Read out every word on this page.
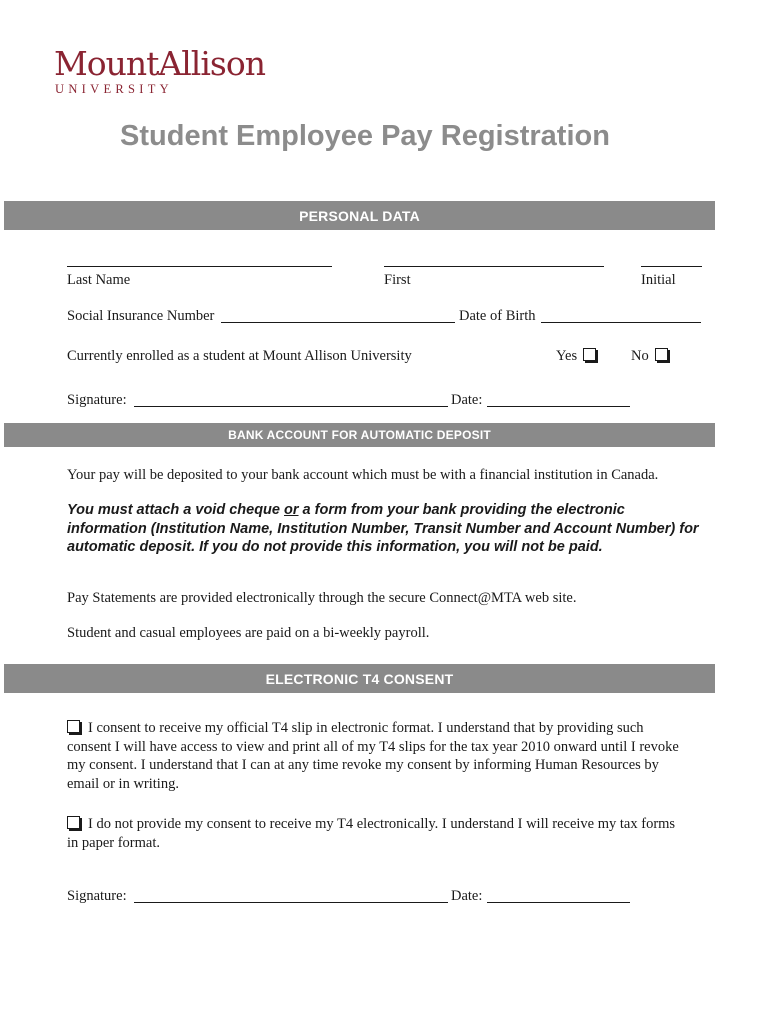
MountAllison
UNIVERSITY
Student Employee Pay Registration
PERSONAL DATA
Last Name	First	Initial
Social Insurance Number	Date of Birth
Currently enrolled as a student at Mount Allison University	Yes	No
Signature:	Date:
BANK ACCOUNT FOR AUTOMATIC DEPOSIT
Your pay will be deposited to your bank account which must be with a financial institution in Canada.
You must attach a void cheque or a form from your bank providing the electronic information (Institution Name, Institution Number, Transit Number and Account Number) for automatic deposit. If you do not provide this information, you will not be paid.
Pay Statements are provided electronically through the secure Connect@MTA web site.
Student and casual employees are paid on a bi-weekly payroll.
ELECTRONIC T4 CONSENT
I consent to receive my official T4 slip in electronic format. I understand that by providing such consent I will have access to view and print all of my T4 slips for the tax year 2010 onward until I revoke my consent. I understand that I can at any time revoke my consent by informing Human Resources by email or in writing.
I do not provide my consent to receive my T4 electronically. I understand I will receive my tax forms in paper format.
Signature:	Date:
